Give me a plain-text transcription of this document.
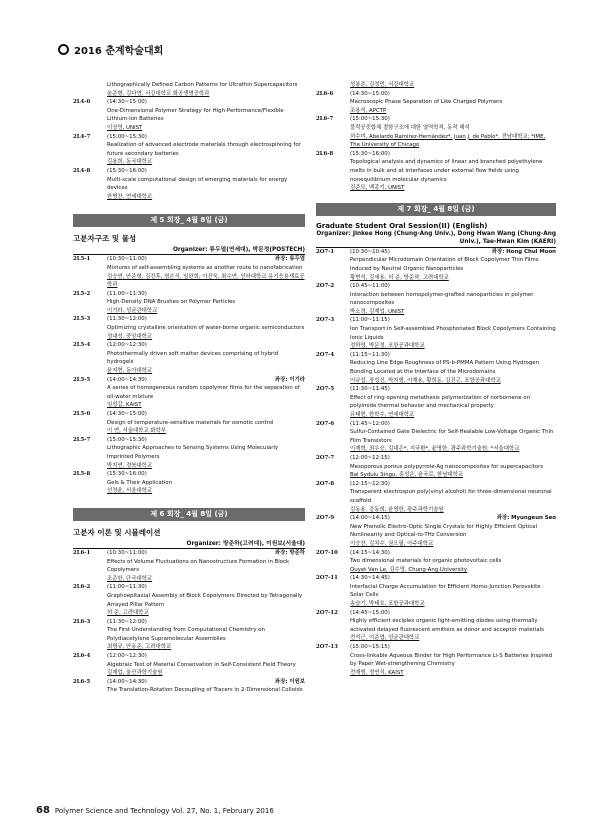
2016 춘계학술대회
Lithographically Defined Carbon Patterns for Ultrathin Supercapacitors
윤준형, 김다영, 서강대학교 화공생명공학과
2L4-6	(14:30~15:00)
One-Dimensional Polymer Strategy for High-Performance/Flexible Lithium-Ion Batteries
이상영, UNIST
2L4-7	(15:00~15:30)
Realization of advanced electrode materials through electrospinning for future secondary batteries
김용희, 동국대학교
2L4-8	(15:30~16:00)
Multi-scale computational design of emerging materials for energy devices
한병찬, 연세대학교
제 5 회장_ 4월 8일 (금)
고분자구조 및 물성
Organizer: 류두열(연세대), 박문정(POSTECH)
2L5-1	(10:30~11:00)	좌장: 류두열
Mixtures of self-assembling systems as another route to nanofabrication
김승연, 안준형, 김진후, 염은식, 임완희, 이진욱, 최수연, 인하대학교 유기응용재료공학과
2L5-2	(11:00~11:30)
High-Density DNA Brushes on Polymer Particles
이기라, 성균관대학교
2L5-3	(11:30~12:00)
Optimizing crystalline orientation of water-borne organic semiconductors
정대성, 중앙대학교
2L5-4	(12:00~12:30)
Photothermally driven soft matter devices comprising of hybrid hydrogels
윤지현, 동아대학교
2L5-5	(14:00~14:30)	좌장: 이기라
A series of homogeneous random copolymer films for the separation of oil-water mixture
임성갑, KAIST
2L5-6	(14:30~15:00)
Design of temperature-sensitive materials for osmotic control
이 연, 서울대학교 화학부
2L5-7	(15:00~15:30)
Lithographic Approaches to Sensing Systems Using Molecularly Imprinted Polymers
박지연, 경북대학교
2L5-8	(15:30~16:00)
Gels & Their Application
선정윤, 서울대학교
제 6 회장_ 4월 8일 (금)
고분자 이론 및 시뮬레이션
Organizer: 방준하(고려대), 이원보(서울대)
2L6-1	(10:30~11:00)	좌장: 방준하
Effects of Volume Fluctuations on Nanostructure Formation in Block Copolymers
조준한, 단국대학교
2L6-2	(11:00~11:30)
Graphoepitaxial Assembly of Block Copolymers Directed by Tetragonally Arrayed Pillar Pattern
허 준, 고려대학교
2L6-3	(11:30~12:00)
The First Understanding from Computational Chemistry on Polydiacetylene Supramolecular Assemblies
최명규, 안동준, 고려대학교
2L6-4	(12:00~12:30)
Algebraic Test of Material Conservation in Self-Consistent Field Theory
김재업, 울산과학기술원
2L6-5	(14:00~14:30)	좌장: 이원보
The Translation-Rotation Decoupling of Tracers in 2-Dimensional Colloids
성봉준, 김정민, 서강대학교
2L6-6	(14:30~15:00)
Macroscopic Phase Separation of Like Charged Polymers
조용석, APCTP
2L6-7	(15:00~15:30)
블럭공중합체 결함구조에 대한 열역학적, 동적 해석
허수미, Abelardo Ramirez-Hernández*, Juan J. de Pablo*, 전남대학교; *IME, The University of Chicago
2L6-8	(15:30~16:00)
Topological analysis and dynamics of linear and branched polyethylene melts in bulk and at interfaces under external flow fields using nonequilibrium molecular dynamics
김준모, 백종기, UNIST
제 7 회장_ 4월 8일 (금)
Graduate Student Oral Session(II) (English)
Organizer: Jinkee Hong (Chung-Ang Univ.), Dong Hwan Wang (Chung-Ang Univ.), Tae-Hwan Kim (KAERI)
2O7-1	(10:30~10:45)	좌장: Hong Chul Moon
Perpendicular Microdomain Orientation of Block Copolymer Thin Films Induced by Neutral Organic Nanoparticles
황현석, 김세용, 허 준, 방준하, 고려대학교
2O7-2	(10:45~11:00)
Interaction between homopolymer-grafted nanoparticles in polymer nanocomposites
박소정, 김재업, UNIST
2O7-3	(11:00~11:15)
Ion Transport in Self-assembled Phosphonated Block Copolymers Containing Ionic Liquids
정하영, 박문정, 포항공과대학교
2O7-4	(11:15~11:30)
Reducing Line Edge Roughness of PS-b-PMMA Pattern Using Hydrogen Bonding Located at the Interface of the Microdomains
이규섭, 장성신, 박지형, 이재용, 황희동, 김진곤, 포항공과대학교
2O7-5	(11:30~11:45)
Effect of ring opening metathesis polymerization of norbornene on polyimide thermal behavior and mechanical property
유태현, 한학수, 연세대학교
2O7-6	(11:45~12:00)
Sulfur-Contained Gate Dielectric for Self-Healable Low-Voltage Organic Thin Film Transistors
이재혁, 최우승, 김대은*, 지국환*, 윤명한, 광주과학기술원; *서울대학교
2O7-7	(12:00~12:15)
Mesoporous porous polypyrrole-Ag nanocomposites for supercapacitors
Bal Sydulu Singu, 홍성은, 윤국로, 한남대학교
2O7-8	(12:15~12:30)
Transparent electrospun poly(vinyl alcohol) for three-dimensional neuronal scaffold
김동용, 강동희, 윤명한, 광주과학기술원
2O7-9	(14:00~14:15)	좌장: Myungeun Seo
New Phenolic Electro-Optic Single Crystals for Highly Efficient Optical Nonlinearity and Optical-to-THz Conversion
이승찬, 김치수, 권오필, 아주대학교
2O7-10	(14:15~14:30)
Two dimensional materials for organic photovoltaic cells
Quyet Van Le, 김수영, Chung-Ang University
2O7-11	(14:30~14:45)
Interfacial Charge Accumulation for Efficient Homo-Junction Perovskite Solar Cells
송슬기, 박태호, 포항공과대학교
2O7-12	(14:45~15:00)
Highly efficient exciplex organic light-emitting diodes using thermally activated delayed fluorescent emitters as donor and acceptor materials
전석근, 이준엽, 성균관대학교
2O7-13	(15:00~15:15)
Cross-linkable Aqueous Binder for High Performance Li-S Batteries Inspired by Paper Wet-strengthening Chemistry
전재범, 정연식, KAIST
68 Polymer Science and Technology Vol. 27, No. 1, February 2016
